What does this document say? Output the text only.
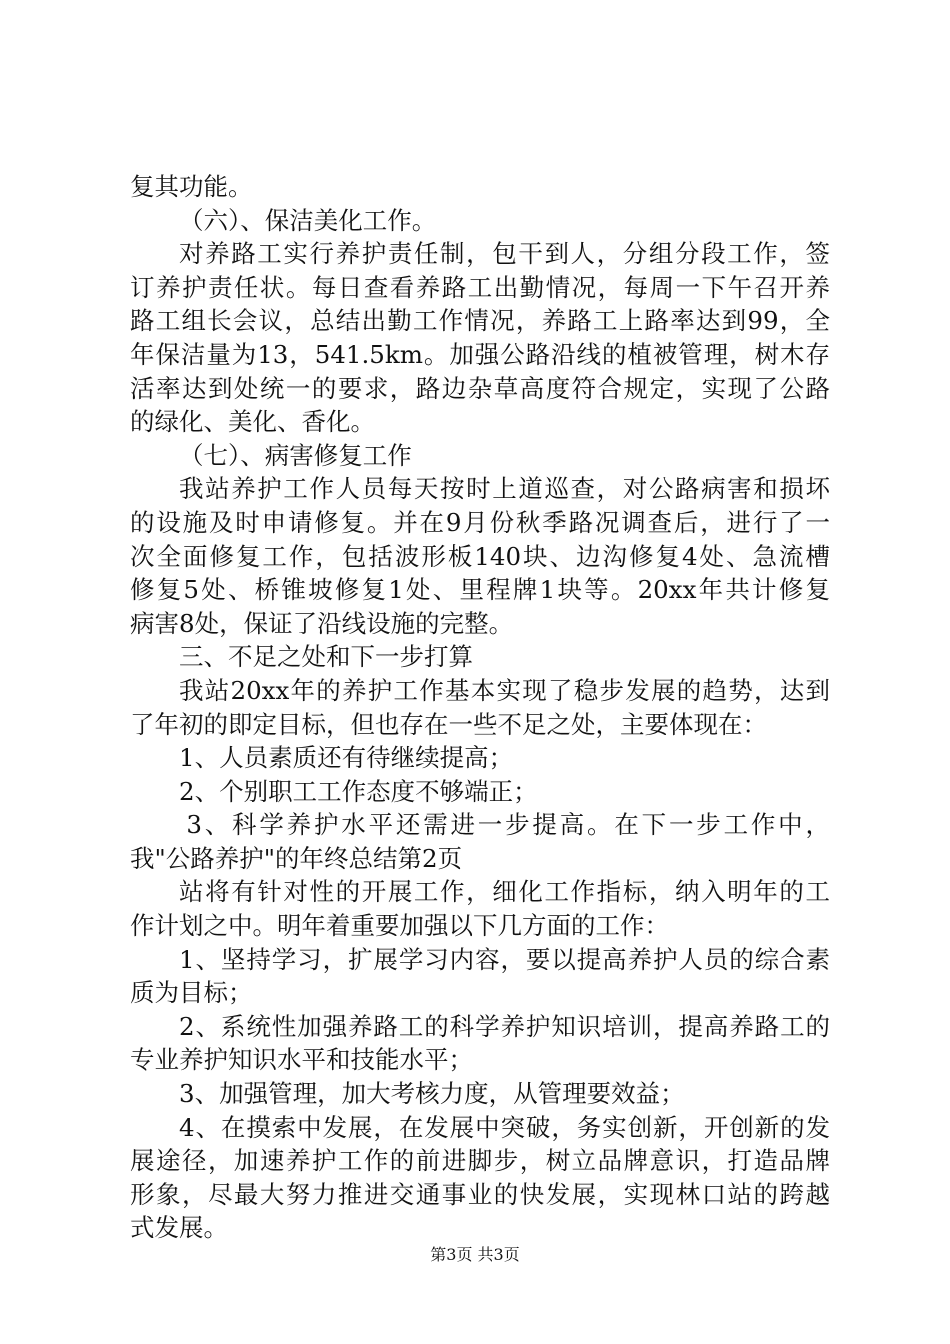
复其功能。
（六）、保洁美化工作。
对养路工实行养护责任制，包干到人，分组分段工作，签
订养护责任状。每日查看养路工出勤情况，每周一下午召开养
路工组长会议，总结出勤工作情况，养路工上路率达到99，全
年保洁量为13，541.5km。加强公路沿线的植被管理，树木存
活率达到处统一的要求，路边杂草高度符合规定，实现了公路
的绿化、美化、香化。
（七）、病害修复工作
我站养护工作人员每天按时上道巡查，对公路病害和损坏
的设施及时申请修复。并在9月份秋季路况调查后，进行了一
次全面修复工作，包括波形板140块、边沟修复4处、急流槽
修复5处、桥锥坡修复1处、里程牌1块等。20xx年共计修复
病害8处，保证了沿线设施的完整。
三、不足之处和下一步打算
我站20xx年的养护工作基本实现了稳步发展的趋势，达到
了年初的即定目标，但也存在一些不足之处，主要体现在：
1、人员素质还有待继续提高；
2、个别职工工作态度不够端正；
3、科学养护水平还需进一步提高。在下一步工作中，
我"公路养护"的年终总结第2页
站将有针对性的开展工作，细化工作指标，纳入明年的工
作计划之中。明年着重要加强以下几方面的工作：
1、坚持学习，扩展学习内容，要以提高养护人员的综合素
质为目标；
2、系统性加强养路工的科学养护知识培训，提高养路工的
专业养护知识水平和技能水平；
3、加强管理，加大考核力度，从管理要效益；
4、在摸索中发展，在发展中突破，务实创新，开创新的发
展途径，加速养护工作的前进脚步，树立品牌意识，打造品牌
形象，尽最大努力推进交通事业的快发展，实现林口站的跨越
式发展。
第3页 共3页
